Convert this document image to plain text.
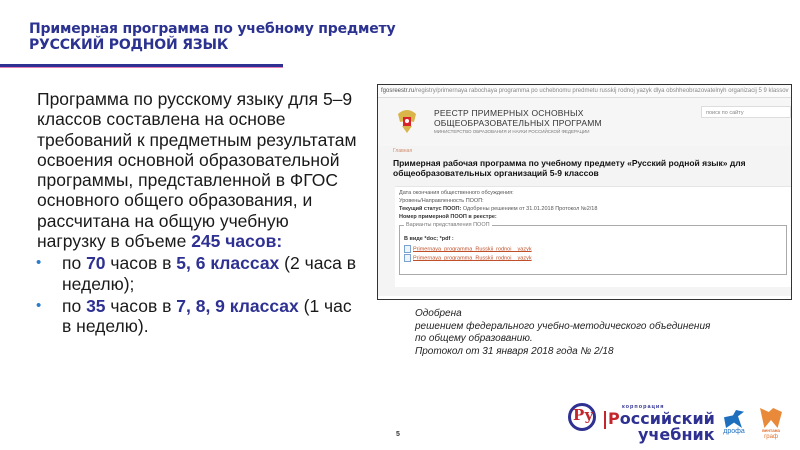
Примерная программа по учебному предмету
РУССКИЙ РОДНОЙ ЯЗЫК
Программа по русскому языку для 5–9 классов составлена на основе требований к предметным результатам освоения основной образовательной программы, представленной в ФГОС основного общего образования, и рассчитана на общую учебную нагрузку в объеме 245 часов:
• по 70 часов в 5, 6 классах (2 часа в неделю);
• по 35 часов в 7, 8, 9 классах (1 час в неделю).
fgosreestr.ru/registry/primernaya rabochaya programma po uchebnomu predmetu russkij rodnoj yazyk dlya obshheobrazovatelnyh organizacij 5 9 klassov
РЕЕСТР ПРИМЕРНЫХ ОСНОВНЫХ
ОБЩЕОБРАЗОВАТЕЛЬНЫХ ПРОГРАММ
МИНИСТЕРСТВО ОБРАЗОВАНИЯ И НАУКИ РОССИЙСКОЙ ФЕДЕРАЦИИ
поиск по сайту
Главная
Примерная рабочая программа по учебному предмету «Русский родной язык» для общеобразовательных организаций 5-9 классов
Дата окончания общественного обсуждения:
Уровень/Направленность ПООП:
Текущий статус ПООП: Одобрены решением от 31.01.2018 Протокол №2/18
Номер примерной ПООП в реестре:
Варианты представления ПООП
В виде *doc; *pdf :
Primernaya_programma_Russkii_rodnoi__yazyk
Primernaya_programma_Russkii_rodnoi__yazyk
Одобрена
решением федерального учебно-методического объединения
по общему образованию.
Протокол от 31 января 2018 года № 2/18
5
Ру	корпорация
Российский
учебник	дрофа	вентана
граф
